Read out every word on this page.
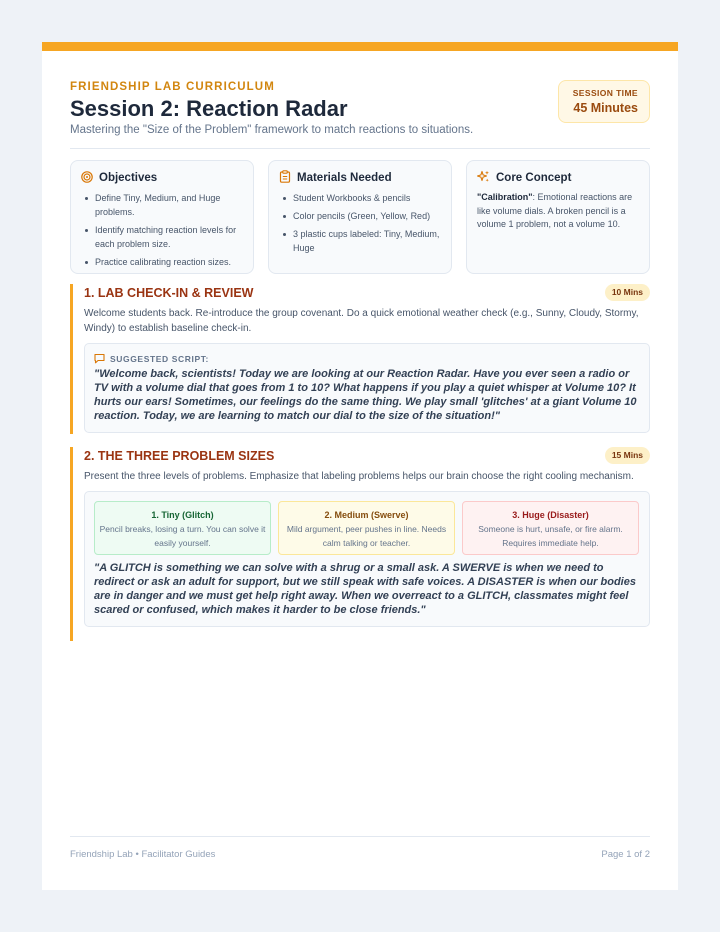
FRIENDSHIP LAB CURRICULUM
Session 2: Reaction Radar
Mastering the "Size of the Problem" framework to match reactions to situations.
SESSION TIME
45 Minutes
Objectives
Define Tiny, Medium, and Huge problems.
Identify matching reaction levels for each problem size.
Practice calibrating reaction sizes.
Materials Needed
Student Workbooks & pencils
Color pencils (Green, Yellow, Red)
3 plastic cups labeled: Tiny, Medium, Huge
Core Concept

"Calibration": Emotional reactions are like volume dials. A broken pencil is a volume 1 problem, not a volume 10.

1. LAB CHECK-IN & REVIEW	10 Mins
Welcome students back. Re-introduce the group covenant. Do a quick emotional weather check (e.g., Sunny, Cloudy, Stormy, Windy) to establish baseline check-in.
SUGGESTED SCRIPT:
"Welcome back, scientists! Today we are looking at our Reaction Radar. Have you ever seen a radio or TV with a volume dial that goes from 1 to 10? What happens if you play a quiet whisper at Volume 10? It hurts our ears! Sometimes, our feelings do the same thing. We play small 'glitches' at a giant Volume 10 reaction. Today, we are learning to match our dial to the size of the situation!"
2. THE THREE PROBLEM SIZES	15 Mins
Present the three levels of problems. Emphasize that labeling problems helps our brain choose the right cooling mechanism.
1. Tiny (Glitch)
Pencil breaks, losing a turn. You can solve it easily yourself.
2. Medium (Swerve)
Mild argument, peer pushes in line. Needs calm talking or teacher.
3. Huge (Disaster)
Someone is hurt, unsafe, or fire alarm. Requires immediate help.
"A GLITCH is something we can solve with a shrug or a small ask. A SWERVE is when we need to redirect or ask an adult for support, but we still speak with safe voices. A DISASTER is when our bodies are in danger and we must get help right away. When we overreact to a GLITCH, classmates might feel scared or confused, which makes it harder to be close friends."
Friendship Lab • Facilitator Guides	Page 1 of 2
